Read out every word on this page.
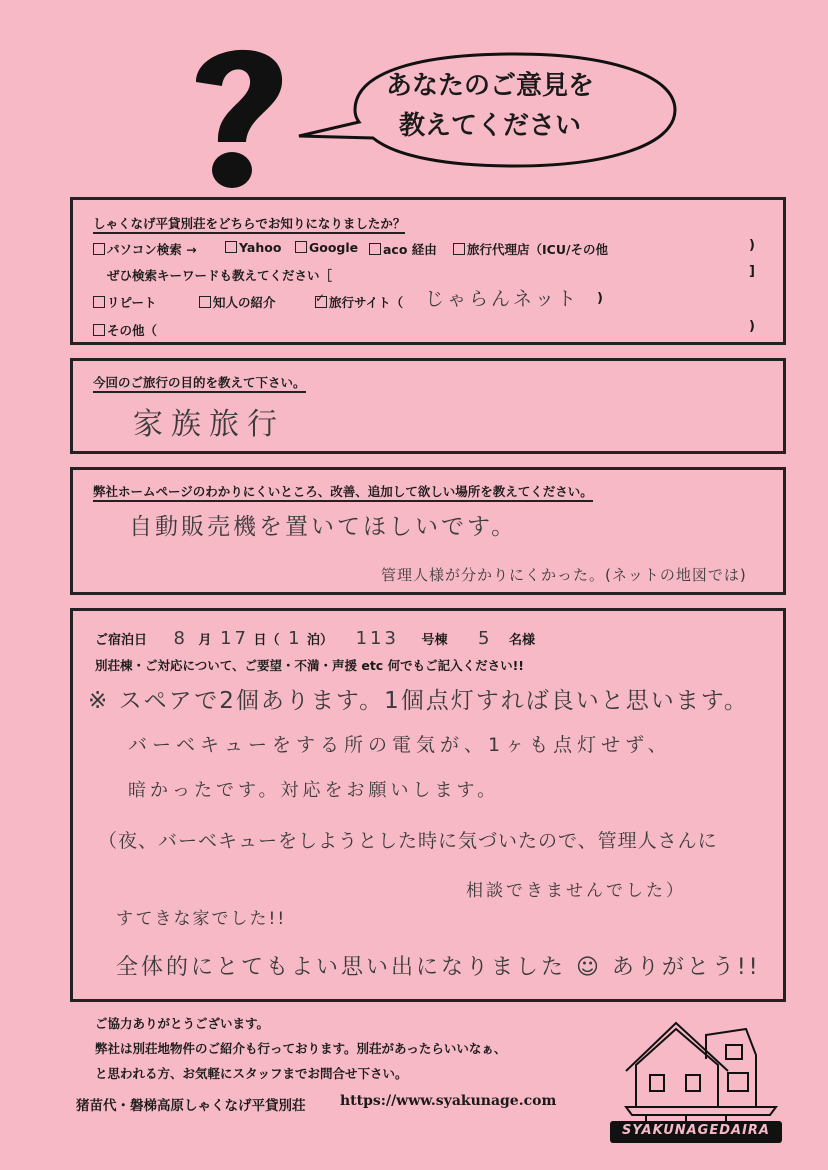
あなたのご意見を
教えてください
しゃくなげ平貸別荘をどちらでお知りになりましたか？
パソコン検索 →	Yahoo	Google	aco 経由	旅行代理店（ICU/その他	)
ぜひ検索キーワードも教えてください［	]
リピート	知人の紹介
✓	旅行サイト（ じゃらんネット )
その他（	)
今回のご旅行の目的を教えて下さい。
家族旅行
弊社ホームページのわかりにくいところ、改善、追加して欲しい場所を教えてください。
自動販売機を置いてほしいです。
管理人様が分かりにくかった。(ネットの地図では)
ご宿泊日 8 月 17 日（ 1 泊） 113 号棟 5 名様
別荘棟・ご対応について、ご要望・不満・声援 etc 何でもご記入ください!!
※ スペアで2個あります。1個点灯すれば良いと思います。
バーベキューをする所の電気が、1ヶも点灯せず、
暗かったです。対応をお願いします。
（夜、バーベキューをしようとした時に気づいたので、管理人さんに
相談できませんでした）
すてきな家でした!!
全体的にとてもよい思い出になりました ☺ ありがとう!!
ご協力ありがとうございます。
弊社は別荘地物件のご紹介も行っております。別荘があったらいいなぁ、
と思われる方、お気軽にスタッフまでお問合せ下さい。
猪苗代・磐梯高原しゃくなげ平貸別荘 https://www.syakunage.com
SYAKUNAGEDAIRA
